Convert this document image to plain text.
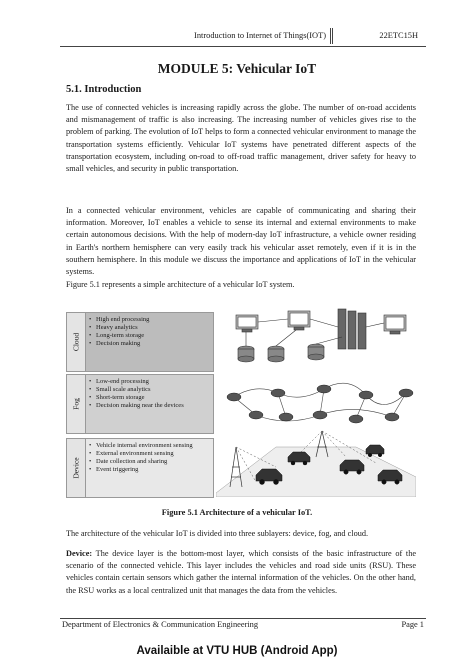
Introduction to Internet of Things(IOT)	22ETC15H
MODULE 5: Vehicular IoT
5.1. Introduction
The use of connected vehicles is increasing rapidly across the globe. The number of on-road accidents and mismanagement of traffic is also increasing. The increasing number of vehicles gives rise to the problem of parking. The evolution of IoT helps to form a connected vehicular environment to manage the transportation systems efficiently. Vehicular IoT systems have penetrated different aspects of the transportation ecosystem, including on-road to off-road traffic management, driver safety for heavy to small vehicles, and security in public transportation.
In a connected vehicular environment, vehicles are capable of communicating and sharing their information. Moreover, IoT enables a vehicle to sense its internal and external environments to make certain autonomous decisions. With the help of modern-day IoT infrastructure, a vehicle owner residing in Earth's northern hemisphere can very easily track his vehicular asset remotely, even if it is in the southern hemisphere. In this module we discuss the importance and applications of IoT in the vehicular systems.
Figure 5.1 represents a simple architecture of a vehicular IoT system.
Cloud
• High end processing
• Heavy analytics
• Long-term storage
• Decision making
Fog
• Low-end processing
• Small scale analytics
• Short-term storage
• Decision making near the devices
Device
• Vehicle internal environment sensing
• External environment sensing
• Date collection and sharing
• Event triggering
Figure 5.1 Architecture of a vehicular IoT.
The architecture of the vehicular IoT is divided into three sublayers: device, fog, and cloud.
Device: The device layer is the bottom-most layer, which consists of the basic infrastructure of the scenario of the connected vehicle. This layer includes the vehicles and road side units (RSU). These vehicles contain certain sensors which gather the internal information of the vehicles. On the other hand, the RSU works as a local centralized unit that manages the data from the vehicles.
Department of Electronics & Communication Engineering	Page 1
Availaible at VTU HUB (Android App)
